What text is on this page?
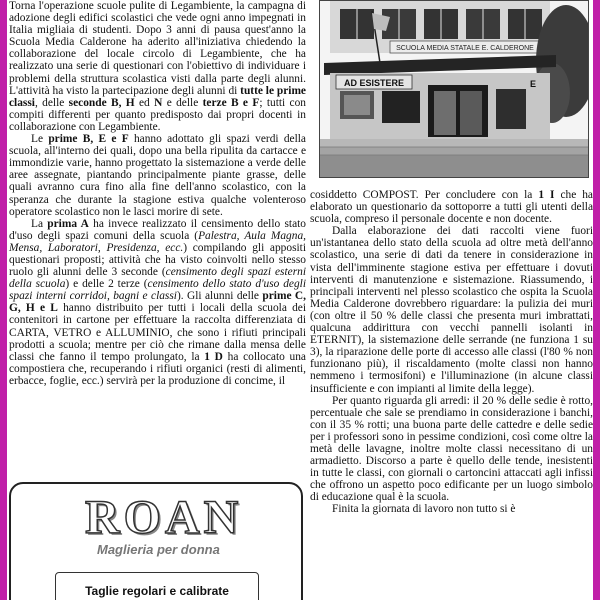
Torna l'operazione scuole pulite di Legambiente, la campagna di adozione degli edifici scolastici che vede ogni anno impegnati in Italia migliaia di studenti. Dopo 3 anni di pausa quest'anno la Scuola Media Calderone ha aderito all'iniziativa chiedendo la collaborazione del locale circolo di Legambiente, che ha realizzato una serie di questionari con l'obiettivo di individuare i problemi della struttura scolastica visti dalla parte degli alunni. L'attività ha visto la partecipazione degli alunni di tutte le prime classi, delle seconde B, H ed N e delle terze B e F; tutti con compiti differenti per quanto predisposto dai propri docenti in collaborazione con Legambiente.

Le prime B, E e F hanno adottato gli spazi verdi della scuola, all'interno dei quali, dopo una bella ripulita da cartacce e immondizie varie, hanno progettato la sistemazione a verde delle aree assegnate, piantando principalmente piante grasse, delle quali avranno cura fino alla fine dell'anno scolastico, con la speranza che durante la stagione estiva qualche volenteroso operatore scolastico non le lasci morire di sete.

La prima A ha invece realizzato il censimento dello stato d'uso degli spazi comuni della scuola (Palestra, Aula Magna, Mensa, Laboratori, Presidenza, ecc.) compilando gli appositi questionari proposti; attività che ha visto coinvolti nello stesso ruolo gli alunni delle 3 seconde (censimento degli spazi esterni della scuola) e delle 2 terze (censimento dello stato d'uso degli spazi interni corridoi, bagni e classi). Gli alunni delle prime C, G, H e L hanno distribuito per tutti i locali della scuola dei contenitori in cartone per effettuare la raccolta differenziata di CARTA, VETRO e ALLUMINIO, che sono i rifiuti principali prodotti a scuola; mentre per ciò che rimane dalla mensa delle classi che fanno il tempo prolungato, la 1 D ha collocato una compostiera che, recuperando i rifiuti organici (resti di alimenti, erbacce, foglie, ecc.) servirà per la produzione di concime, il

SCUOLA MEDIA STATALE E. CALDERONE
AD ESISTERE	E

cosiddetto COMPOST. Per concludere con la 1 I che ha elaborato un questionario da sottoporre a tutti gli utenti della scuola, compreso il personale docente e non docente.

Dalla elaborazione dei dati raccolti viene fuori un'istantanea dello stato della scuola ad oltre metà dell'anno scolastico, una serie di dati da tenere in considerazione in vista dell'imminente stagione estiva per effettuare i dovuti interventi di manutenzione e sistemazione. Riassumendo, i principali interventi nel plesso scolastico che ospita la Scuola Media Calderone dovrebbero riguardare: la pulizia dei muri (con oltre il 50 % delle classi che presenta muri imbrattati, qualcuna addirittura con vecchi pannelli isolanti in ETERNIT), la sistemazione delle serrande (ne funziona 1 su 3), la riparazione delle porte di accesso alle classi (l'80 % non funzionano più), il riscaldamento (molte classi non hanno nemmeno i termosifoni) e l'illuminazione (in alcune classi insufficiente e con impianti al limite della legge).

Per quanto riguarda gli arredi: il 20 % delle sedie è rotto, percentuale che sale se prendiamo in considerazione i banchi, con il 35 % rotti; una buona parte delle cattedre e delle sedie per i professori sono in pessime condizioni, così come oltre la metà delle lavagne, inoltre molte classi necessitano di un armadietto. Discorso a parte è quello delle tende, inesistenti in tutte le classi, con giornali o cartoncini attaccati agli infissi che offrono un aspetto poco edificante per un luogo simbolo di educazione qual è la scuola.

Finita la giornata di lavoro non tutto si è

ROAN
Maglieria per donna
Taglie regolari e calibrate
